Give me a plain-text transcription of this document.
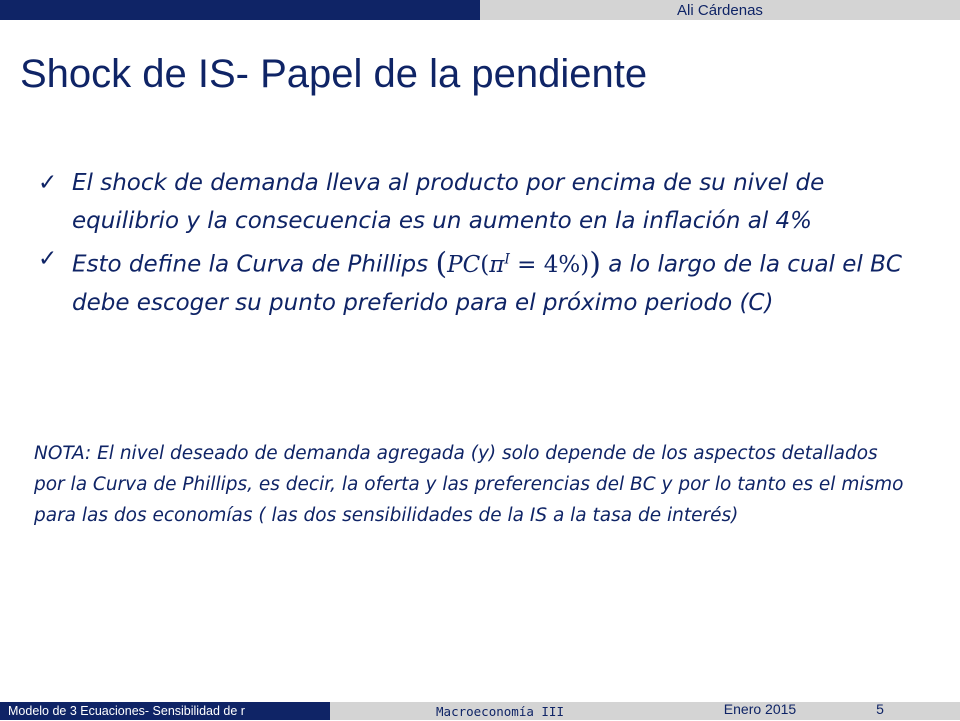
Ali Cárdenas
Shock de IS- Papel de la pendiente
✓ El shock de demanda lleva al producto por encima de su nivel de equilibrio y la consecuencia es un aumento en la inflación al 4%
✓ Esto define la Curva de Phillips $(PC(\pi^I = 4\%))$ a lo largo de la cual el BC debe escoger su punto preferido para el próximo periodo (C)

NOTA: El nivel deseado de demanda agregada (y) solo depende de los aspectos detallados por la Curva de Phillips, es decir, la oferta y las preferencias del BC y por lo tanto es el mismo para las dos economías ( las dos sensibilidades de la IS a la tasa de interés)

Modelo de 3 Ecuaciones- Sensibilidad de r	Macroeconomía III	Enero 2015	5
